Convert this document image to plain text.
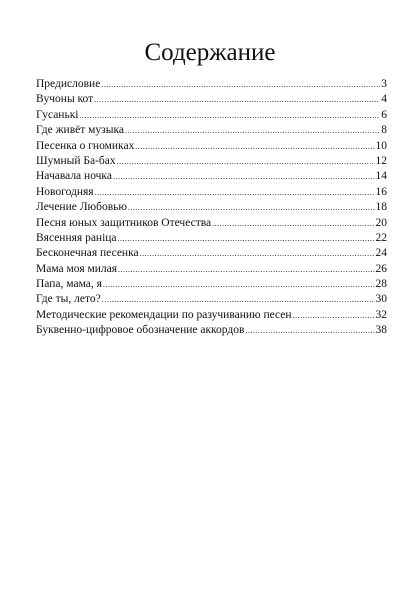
Содержание
Предисловие .....	3
Вучоны кот .....	4
Гусанькі .....	6
Где живёт музыка .....	8
Песенка о гномиках .....	10
Шумный Ба-бах .....	12
Начавала ночка .....	14
Новогодняя .....	16
Лечение Любовью .....	18
Песня юных защитников Отечества .....	20
Вясенняя раніца .....	22
Бесконечная песенка .....	24
Мама моя милая .....	26
Папа, мама, я .....	28
Где ты, лето? .....	30
Методические рекомендации по разучиванию песен .....	32
Буквенно-цифровое обозначение аккордов .....	38
